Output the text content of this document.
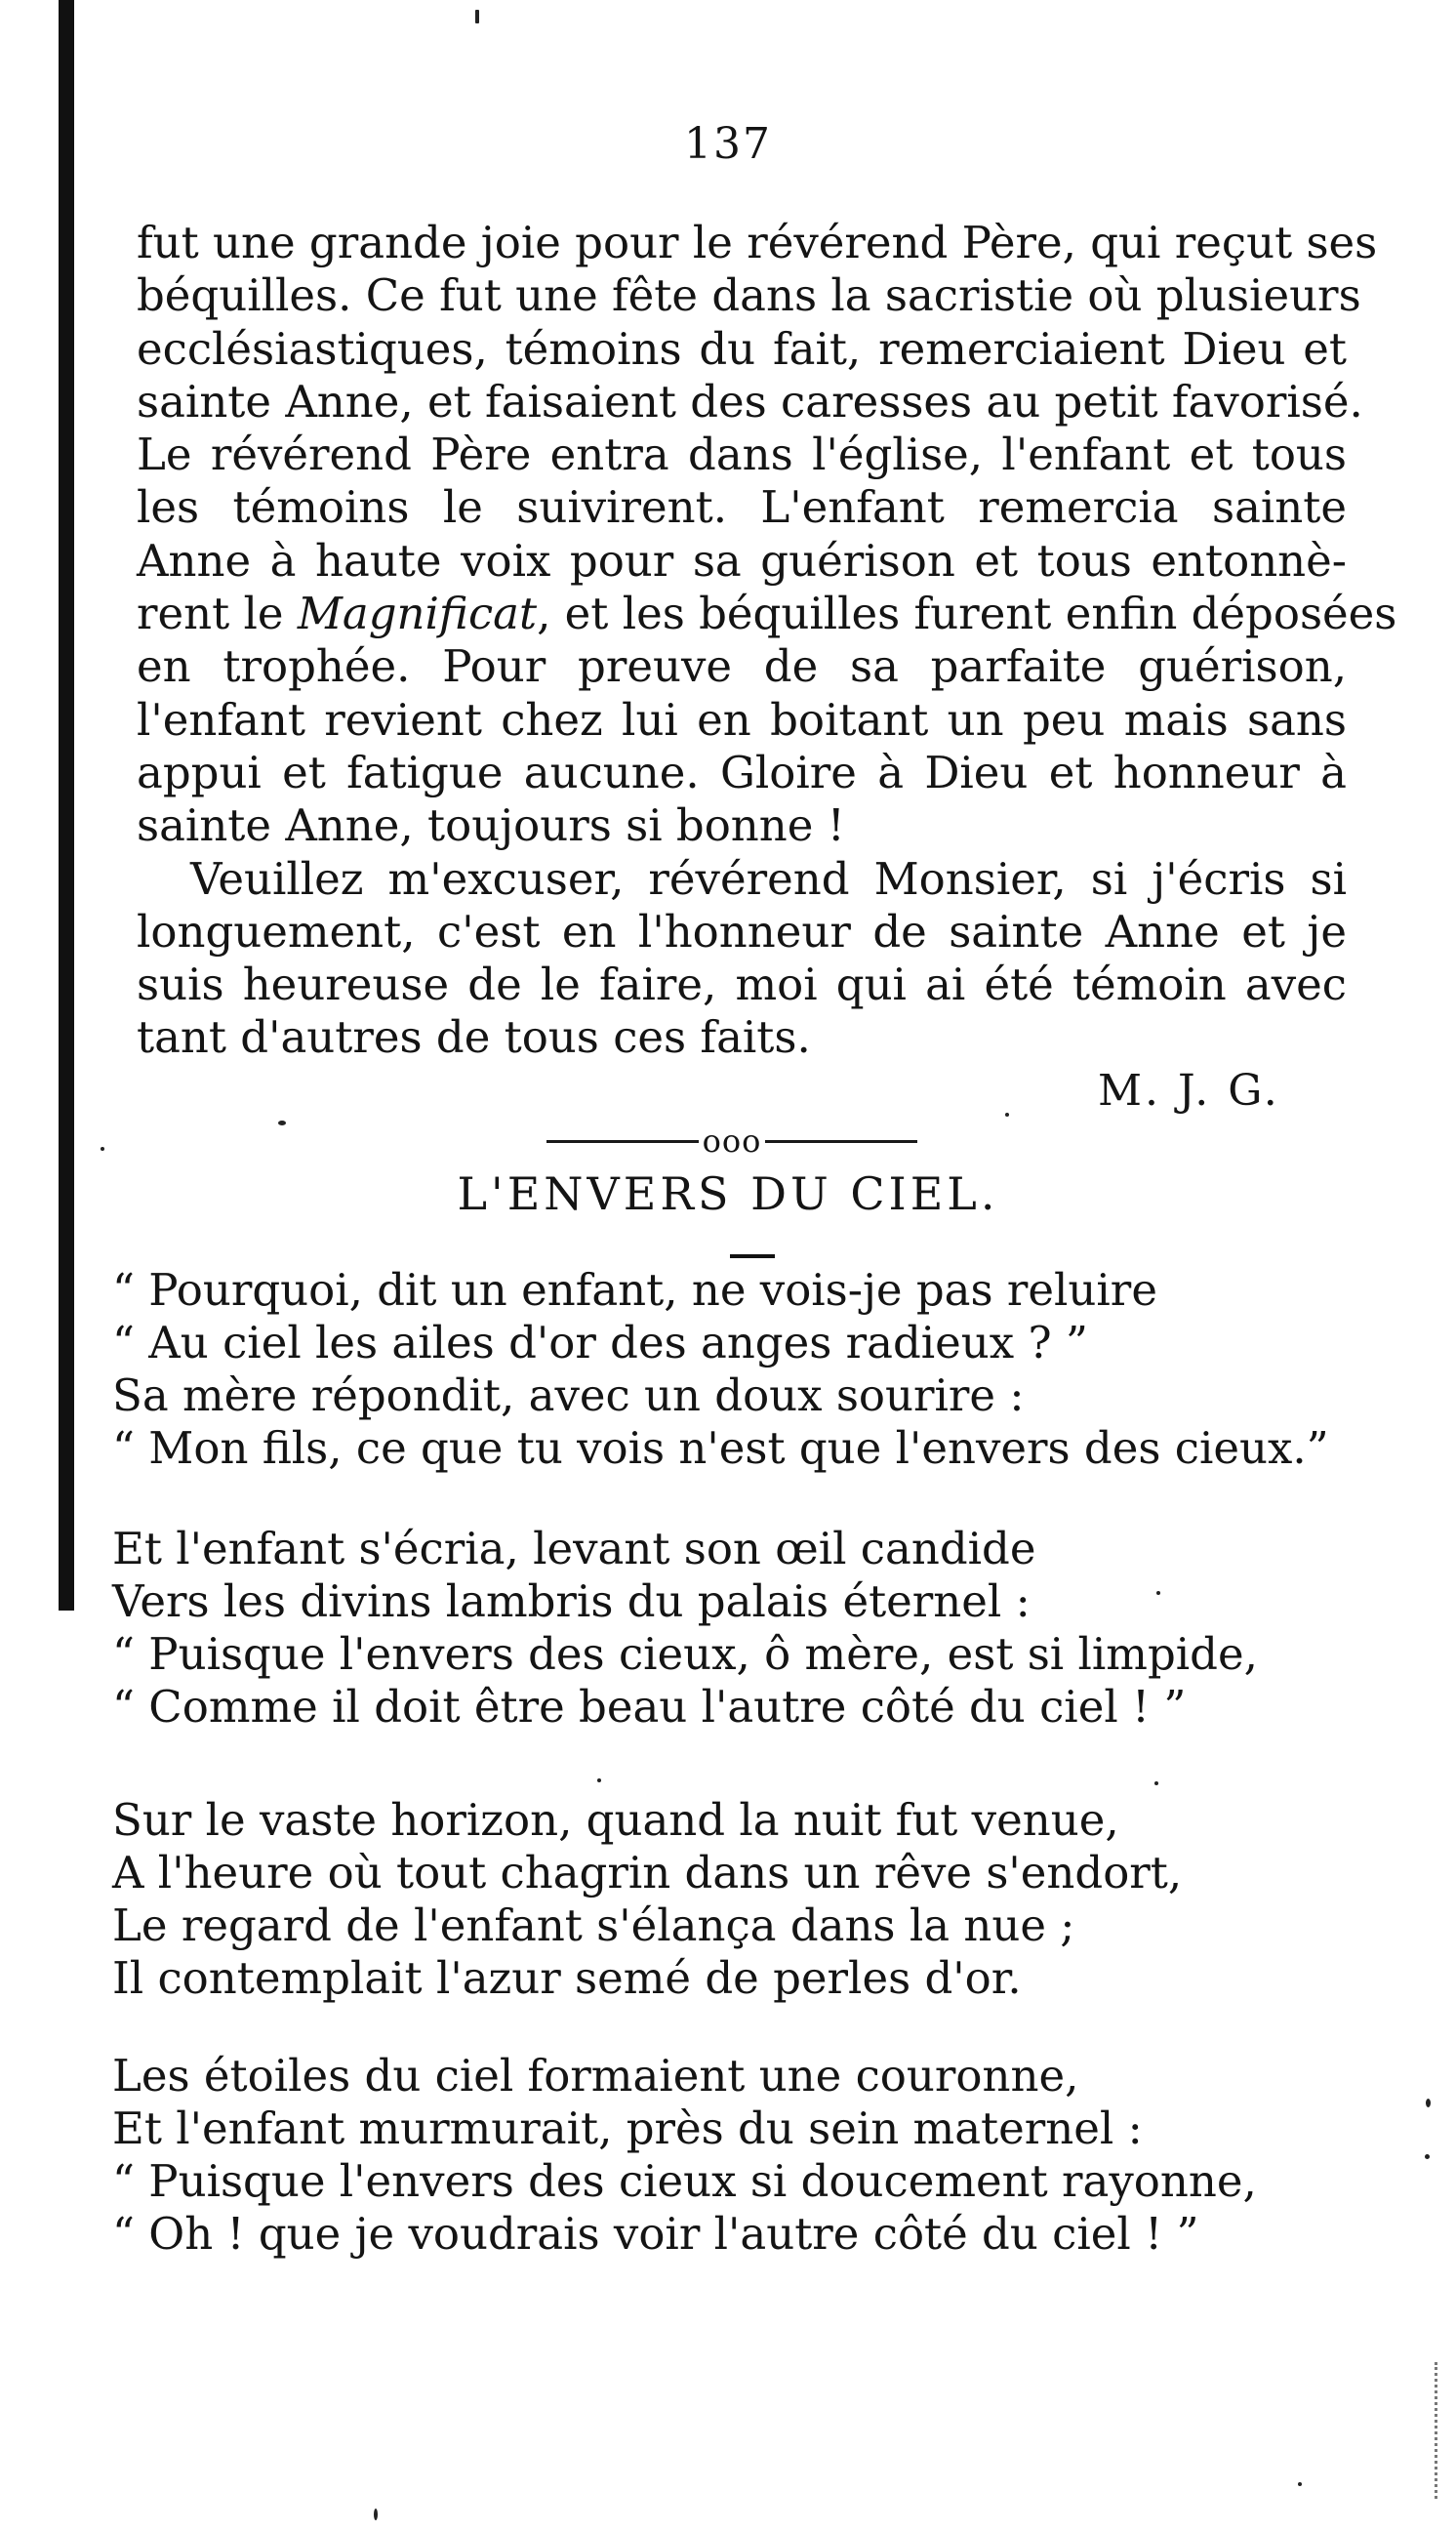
137
fut une grande joie pour le révérend Père, qui reçut ses
béquilles. Ce fut une fête dans la sacristie où plusieurs
ecclésiastiques, témoins du fait, remerciaient Dieu et
sainte Anne, et faisaient des caresses au petit favorisé.
Le révérend Père entra dans l'église, l'enfant et tous
les témoins le suivirent. L'enfant remercia sainte
Anne à haute voix pour sa guérison et tous entonnè-
rent le Magnificat, et les béquilles furent enfin déposées
en trophée. Pour preuve de sa parfaite guérison,
l'enfant revient chez lui en boitant un peu mais sans
appui et fatigue aucune. Gloire à Dieu et honneur à
sainte Anne, toujours si bonne !
Veuillez m'excuser, révérend Monsier, si j'écris si
longuement, c'est en l'honneur de sainte Anne et je
suis heureuse de le faire, moi qui ai été témoin avec
tant d'autres de tous ces faits.
M. J. G.
ooo
L'ENVERS DU CIEL.
“ Pourquoi, dit un enfant, ne vois-je pas reluire
“ Au ciel les ailes d'or des anges radieux ? ”
Sa mère répondit, avec un doux sourire :
“ Mon fils, ce que tu vois n'est que l'envers des cieux.”
Et l'enfant s'écria, levant son œil candide
Vers les divins lambris du palais éternel :
“ Puisque l'envers des cieux, ô mère, est si limpide,
“ Comme il doit être beau l'autre côté du ciel ! ”
Sur le vaste horizon, quand la nuit fut venue,
A l'heure où tout chagrin dans un rêve s'endort,
Le regard de l'enfant s'élança dans la nue ;
Il contemplait l'azur semé de perles d'or.
Les étoiles du ciel formaient une couronne,
Et l'enfant murmurait, près du sein maternel :
“ Puisque l'envers des cieux si doucement rayonne,
“ Oh ! que je voudrais voir l'autre côté du ciel ! ”
